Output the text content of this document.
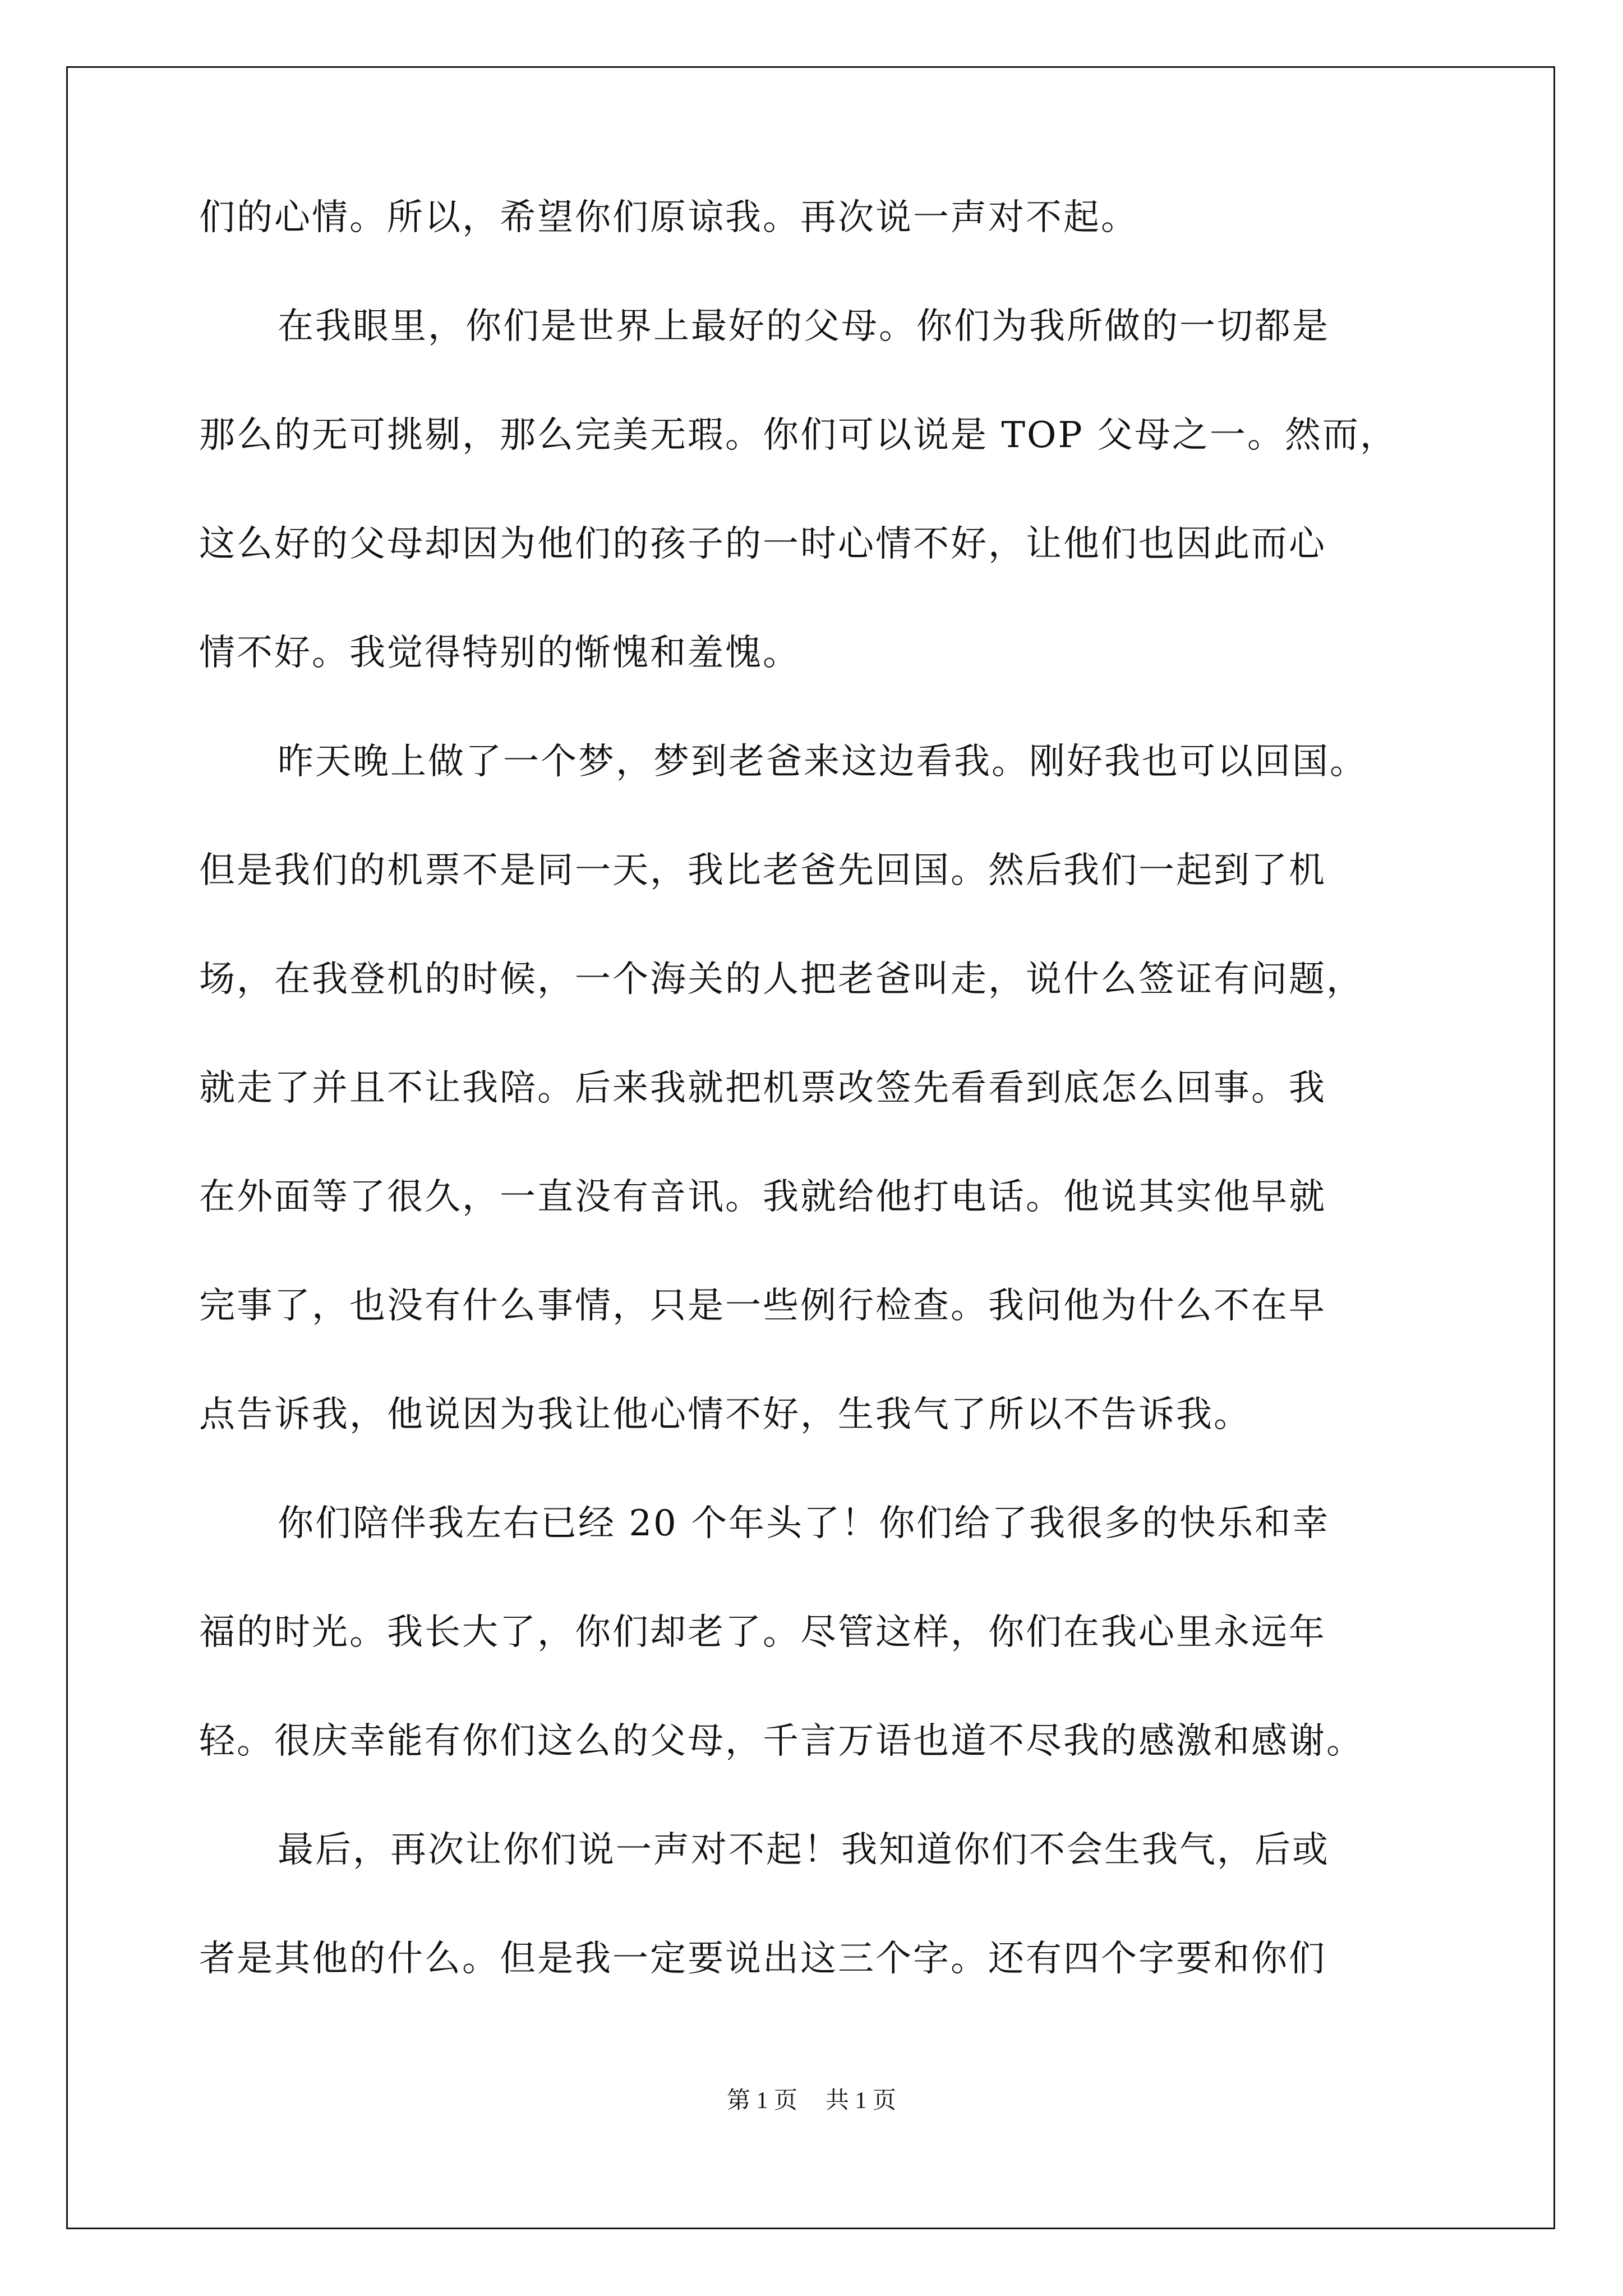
们的心情。所以，希望你们原谅我。再次说一声对不起。
在我眼里，你们是世界上最好的父母。你们为我所做的一切都是
那么的无可挑剔，那么完美无瑕。你们可以说是 TOP 父母之一。然而，
这么好的父母却因为他们的孩子的一时心情不好，让他们也因此而心
情不好。我觉得特别的惭愧和羞愧。
昨天晚上做了一个梦，梦到老爸来这边看我。刚好我也可以回国。
但是我们的机票不是同一天，我比老爸先回国。然后我们一起到了机
场，在我登机的时候，一个海关的人把老爸叫走，说什么签证有问题，
就走了并且不让我陪。后来我就把机票改签先看看到底怎么回事。我
在外面等了很久，一直没有音讯。我就给他打电话。他说其实他早就
完事了，也没有什么事情，只是一些例行检查。我问他为什么不在早
点告诉我，他说因为我让他心情不好，生我气了所以不告诉我。
你们陪伴我左右已经 20 个年头了！你们给了我很多的快乐和幸
福的时光。我长大了，你们却老了。尽管这样，你们在我心里永远年
轻。很庆幸能有你们这么的父母，千言万语也道不尽我的感激和感谢。
最后，再次让你们说一声对不起！我知道你们不会生我气，后或
者是其他的什么。但是我一定要说出这三个字。还有四个字要和你们
第 1 页 共 1 页
